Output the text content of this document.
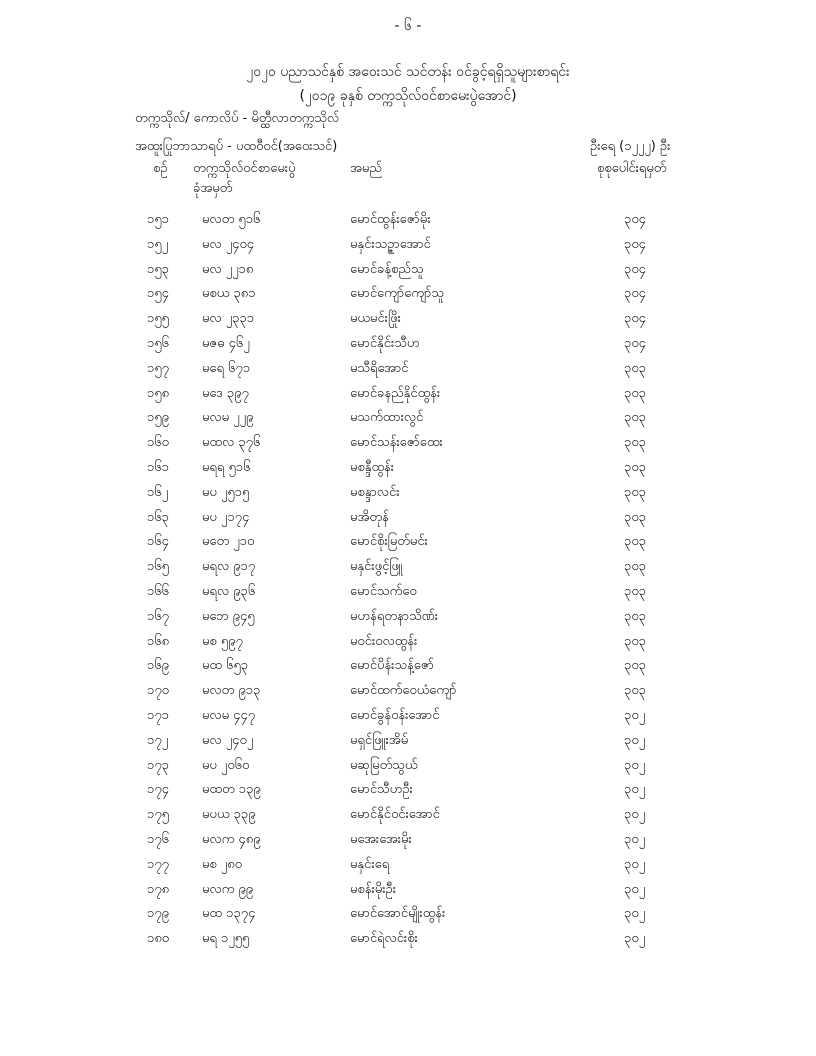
- ၆ -
၂၀၂၀ ပညာသင်နှစ် အဝေးသင် သင်တန်း ဝင်ခွင့်ရရှိသူများစာရင်း
(၂၀၁၉ ခုနှစ် တက္ကသိုလ်ဝင်စာမေးပွဲအောင်)
တက္ကသိုလ်/ ကောလိပ် - မိတ္ထီလာတက္ကသိုလ်
အထူးပြုဘာသာရပ် - ပထဝီဝင်(အဝေးသင်)	ဦးရေ (၁၂၂၂) ဦး
စဉ် တက္ကသိုလ်ဝင်စာမေးပွဲ
ခုံအမှတ်
အမည်	စုစုပေါင်းရမှတ်
၁၅၁	မလတ ၅၁၆	မောင်ထွန်းဇော်မိုး	၃၀၄
၁၅၂	မလ ၂၄၀၄	မနှင်းသဉ္ဇာအောင်	၃၀၄
၁၅၃	မလ ၂၂၁၈	မောင်ခန့်စည်သူ	၃၀၄
၁၅၄	မစယ ၃၈၁	မောင်ကျော်ကျော်သူ	၃၀၄
၁၅၅	မလ ၂၃၃၁	မယမင်းဖြိုး	၃၀၄
၁၅၆	မဇဓ ၄၆၂	မောင်နိုင်းသီဟ	၃၀၄
၁၅၇	မရေ ၆၇၁	မသီရိအောင်	၃၀၃
၁၅၈	မဒေ ၃၉၇	မောင်ခနည်နိုင်ထွန်း	၃၀၃
၁၅၉	မလမ ၂၂၉	မသက်ထားလွင်	၃၀၃
၁၆၀	မထလ ၃၇၆	မောင်သန်းဇော်ထေး	၃၀၃
၁၆၁	မရရ ၅၁၆	မစန္ဒီထွန်း	၃၀၃
၁၆၂	မပ ၂၅၁၅	မစန္ဒာလင်း	၃၀၃
၁၆၃	မပ ၂၁၇၄	မအိတုန်	၃၀၃
၁၆၄	မတေ ၂၁၀	မောင်စိုးမြတ်မင်း	၃၀၃
၁၆၅	မရလ ၉၁၇	မနှင်းဖွင့်ဖြူ	၃၀၃
၁၆၆	မရလ ၉၃၆	မောင်သက်ဝေ	၃၀၃
၁၆၇	မဘေ ၉၄၅	မဟန်ရတနာသိဏ်း	၃၀၃
၁၆၈	မစ ၅၉၇	မဝင်းဝလထွန်း	၃၀၃
၁၆၉	မထ ၆၅၃	မောင်ပိန်းသန့်ဇော်	၃၀၃
၁၇၀	မလတ ၉၁၃	မောင်ထက်ဝေယံကျော်	၃၀၃
၁၇၁	မလမ ၄၄၇	မောင်ခွန်ဝန်းအောင်	၃၀၂
၁၇၂	မလ ၂၄၀၂	မရှင်ဖြူးအိမ်	၃၀၂
၁၇၃	မပ ၂၀၆၀	မဆုမြတ်သွယ်	၃၀၂
၁၇၄	မထတ ၁၃၉	မောင်သီဟဦး	၃၀၂
၁၇၅	မပယ ၃၃၉	မောင်နိုင်ဝင်းအောင်	၃၀၂
၁၇၆	မလက ၄၈၉	မအေးအေးမိုး	၃၀၂
၁၇၇	မစ ၂၈၀	မနှင်းရေ	၃၀၂
၁၇၈	မလက ၉၉	မစန်းမိုးဦး	၃၀၂
၁၇၉	မထ ၁၃၇၄	မောင်အောင်မျိုးထွန်း	၃၀၂
၁၈၀	မရ ၁၂၅၅	မောင်ရဲလင်းစိုး	၃၀၂
